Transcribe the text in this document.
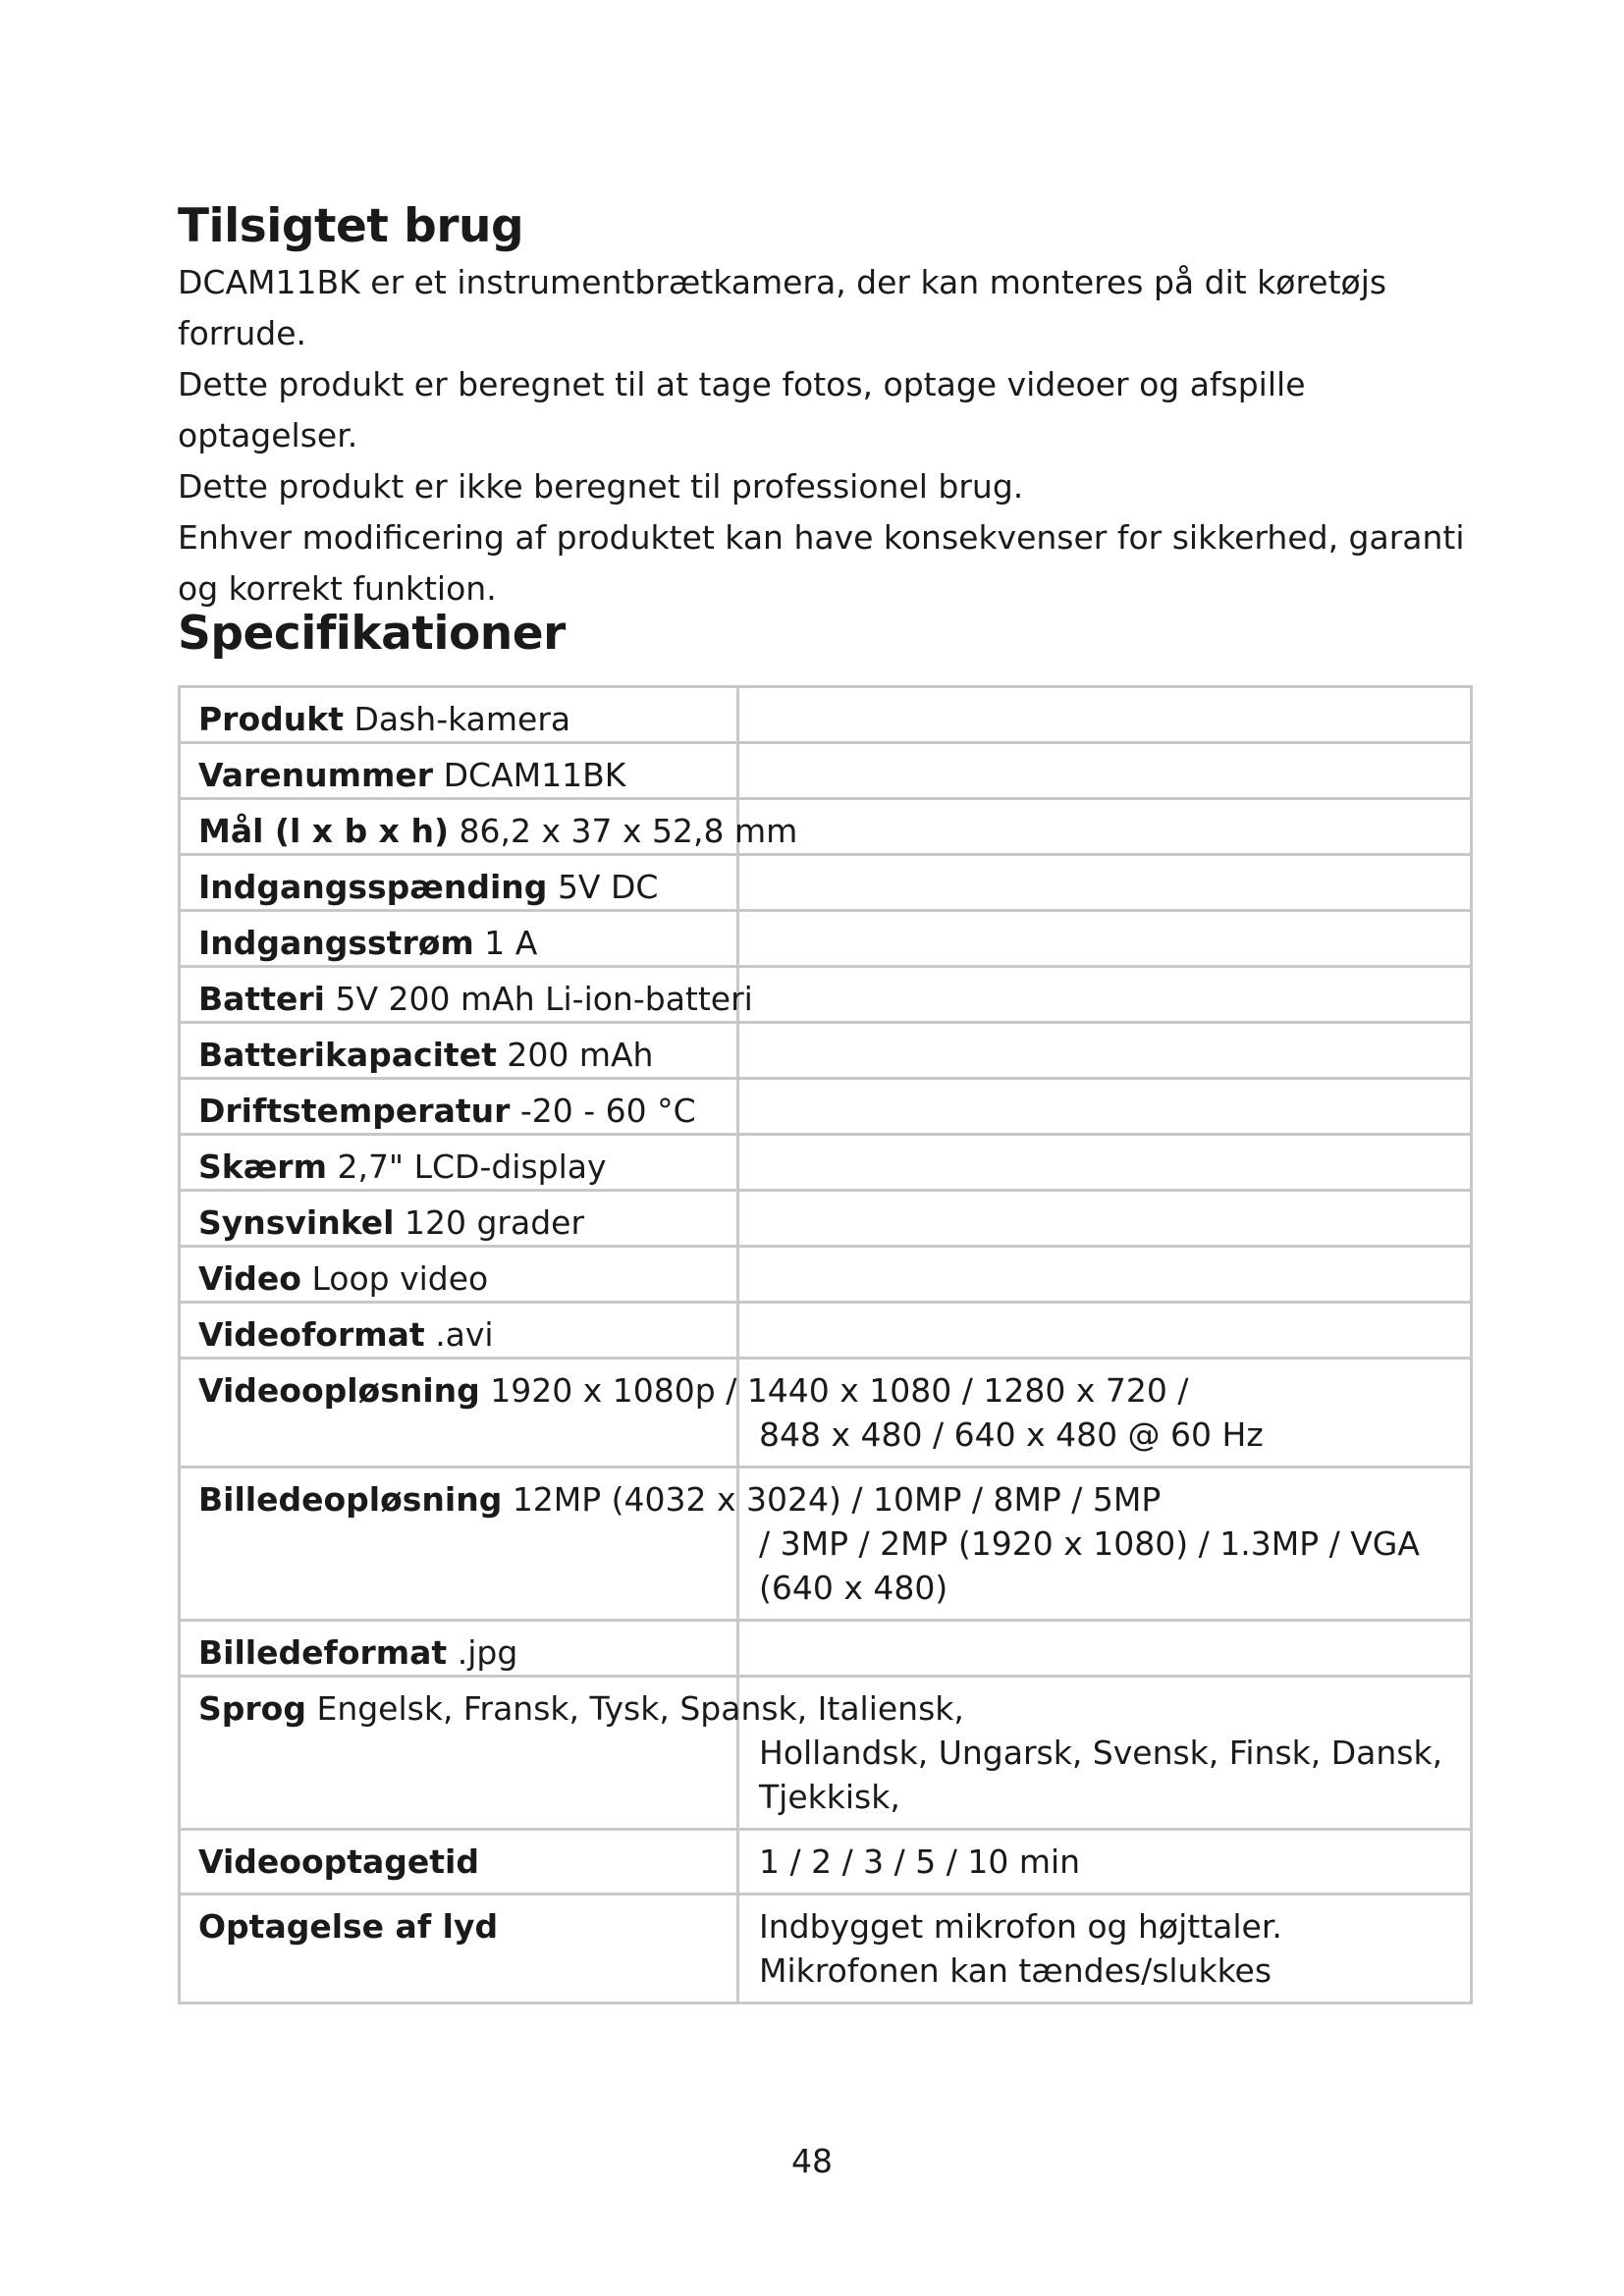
Tilsigtet brug

DCAM11BK er et instrumentbrætkamera, der kan monteres på dit køretøjs forrude.

Dette produkt er beregnet til at tage fotos, optage videoer og afspille optagelser.

Dette produkt er ikke beregnet til professionel brug.

Enhver modificering af produktet kan have konsekvenser for sikkerhed, garanti og korrekt funktion.

Specifikationer
Produkt Dash-kamera	

Varenummer DCAM11BK	

Mål (l x b x h) 86,2 x 37 x 52,8 mm	

Indgangsspænding 5V DC	

Indgangsstrøm 1 A	

Batteri 5V 200 mAh Li-ion-batteri	

Batterikapacitet 200 mAh	

Driftstemperatur -20 - 60 °C	

Skærm 2,7" LCD-display	

Synsvinkel 120 grader	

Video Loop video	

Videoformat .avi	

Videoopløsning 1920 x 1080p / 1440 x 1080 / 1280 x 720 /	848 x 480 / 640 x 480 @ 60 Hz

Billedeopløsning 12MP (4032 x 3024) / 10MP / 8MP / 5MP	/ 3MP / 2MP (1920 x 1080) / 1.3MP / VGA (640 x 480)

Billedeformat .jpg	

Sprog Engelsk, Fransk, Tysk, Spansk, Italiensk,	Hollandsk, Ungarsk, Svensk, Finsk, Dansk, Tjekkisk,

Videooptagetid	1 / 2 / 3 / 5 / 10 min

Optagelse af lyd	Indbygget mikrofon og højttaler. Mikrofonen kan tændes/slukkes
48
